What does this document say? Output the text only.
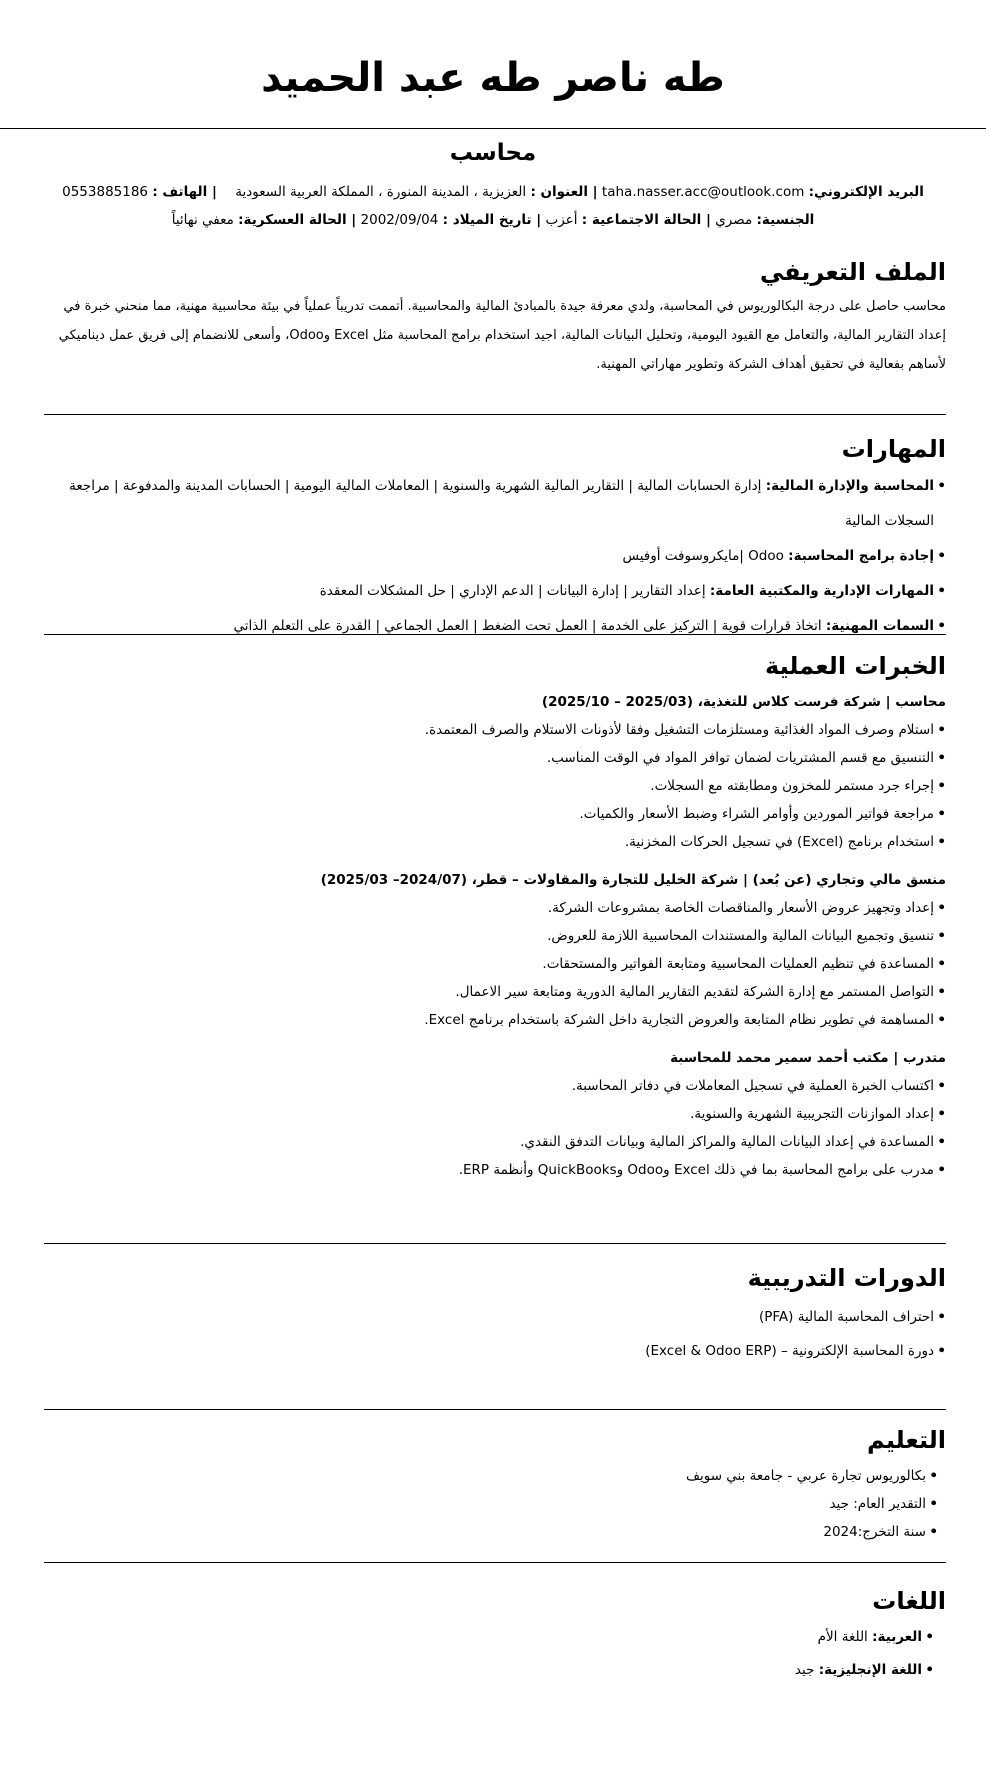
طه ناصر طه عبد الحميد
محاسب
البريد الإلكتروني: taha.nasser.acc@outlook.com | العنوان : العزيزية ، المدينة المنورة ، المملكة العربية السعودية    | الهاتف : 0553885186
الجنسية: مصري | الحالة الاجتماعية : أعزب | تاريخ الميلاد : 2002/09/04 | الحالة العسكرية: معفي نهائياً
الملف التعريفي

محاسب حاصل على درجة البكالوريوس في المحاسبة، ولدي معرفة جيدة بالمبادئ المالية والمحاسبية. أتممت تدريباً عملياً في بيئة محاسبية مهنية، مما منحني خبرة في إعداد التقارير المالية، والتعامل مع القيود اليومية، وتحليل البيانات المالية، اجيد استخدام برامج المحاسبة مثل Excel وOdoo، وأسعى للانضمام إلى فريق عمل ديناميكي لأساهم بفعالية في تحقيق أهداف الشركة وتطوير مهاراتي المهنية.

المهارات
• المحاسبة والإدارة المالية: إدارة الحسابات المالية | التقارير المالية الشهرية والسنوية | المعاملات المالية اليومية | الحسابات المدينة والمدفوعة | مراجعة السجلات المالية
• إجادة برامج المحاسبة: Odoo |مايكروسوفت أوفيس
• المهارات الإدارية والمكتبية العامة: إعداد التقارير | إدارة البيانات | الدعم الإداري | حل المشكلات المعقدة
• السمات المهنية: اتخاذ قرارات قوية | التركيز على الخدمة | العمل تحت الضغط | العمل الجماعي | القدرة على التعلم الذاتي
الخبرات العملية

محاسب | شركة فرست كلاس للتغذية، (2025/03 – 2025/10)

• استلام وصرف المواد الغذائية ومستلزمات التشغيل وفقا لأذونات الاستلام والصرف المعتمدة.
• التنسيق مع قسم المشتريات لضمان توافر المواد في الوقت المناسب.
• إجراء جرد مستمر للمخزون ومطابقته مع السجلات.
• مراجعة فواتير الموردين وأوامر الشراء وضبط الأسعار والكميات.
• استخدام برنامج (Excel) في تسجيل الحركات المخزنية.

منسق مالي وتجاري (عن بُعد) | شركة الخليل للتجارة والمقاولات – قطر، (2024/07– 2025/03)

• إعداد وتجهيز عروض الأسعار والمناقصات الخاصة بمشروعات الشركة.
• تنسيق وتجميع البيانات المالية والمستندات المحاسبية اللازمة للعروض.
• المساعدة في تنظيم العمليات المحاسبية ومتابعة الفواتير والمستحقات.
• التواصل المستمر مع إدارة الشركة لتقديم التقارير المالية الدورية ومتابعة سير الاعمال.
• المساهمة في تطوير نظام المتابعة والعروض التجارية داخل الشركة باستخدام برنامج Excel.

متدرب | مكتب أحمد سمير محمد للمحاسبة

• اكتساب الخبرة العملية في تسجيل المعاملات في دفاتر المحاسبة.
• إعداد الموازنات التجريبية الشهرية والسنوية.
• المساعدة في إعداد البيانات المالية والمراكز المالية وبيانات التدفق النقدي.
• مدرب على برامج المحاسبة بما في ذلك Excel وOdoo وQuickBooks وأنظمة ERP.
الدورات التدريبية
• احتراف المحاسبة المالية (PFA)
• دورة المحاسبة الإلكترونية – (Excel & Odoo ERP)
التعليم
• بكالوريوس تجارة عربي - جامعة بني سويف
• التقدير العام: جيد
• سنة التخرج:2024
اللغات
• العربية: اللغة الأم
• اللغة الإنجليزية: جيد
